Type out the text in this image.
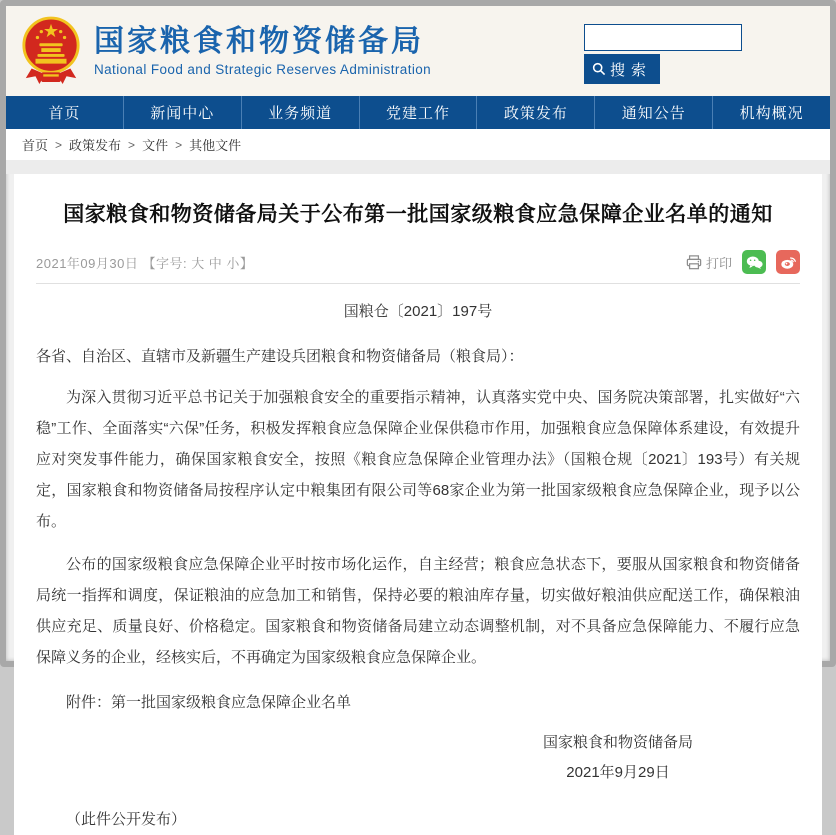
国家粮食和物资储备局
National Food and Strategic Reserves Administration	搜索
首页	新闻中心	业务频道	党建工作	政策发布	通知公告	机构概况
首页 > 政策发布 > 文件 > 其他文件
国家粮食和物资储备局关于公布第一批国家级粮食应急保障企业名单的通知
2021年09月30日 【字号: 大 中 小】	打印
国粮仓〔2021〕197号

各省、自治区、直辖市及新疆生产建设兵团粮食和物资储备局（粮食局）：

为深入贯彻习近平总书记关于加强粮食安全的重要指示精神，认真落实党中央、国务院决策部署，扎实做好“六稳”工作、全面落实“六保”任务，积极发挥粮食应急保障企业保供稳市作用，加强粮食应急保障体系建设，有效提升应对突发事件能力，确保国家粮食安全，按照《粮食应急保障企业管理办法》（国粮仓规〔2021〕193号）有关规定，国家粮食和物资储备局按程序认定中粮集团有限公司等68家企业为第一批国家级粮食应急保障企业，现予以公布。

公布的国家级粮食应急保障企业平时按市场化运作，自主经营；粮食应急状态下，要服从国家粮食和物资储备局统一指挥和调度，保证粮油的应急加工和销售，保持必要的粮油库存量，切实做好粮油供应配送工作，确保粮油供应充足、质量良好、价格稳定。国家粮食和物资储备局建立动态调整机制，对不具备应急保障能力、不履行应急保障义务的企业，经核实后，不再确定为国家级粮食应急保障企业。

附件：第一批国家级粮食应急保障企业名单

国家粮食和物资储备局
2021年9月29日

（此件公开发布）
